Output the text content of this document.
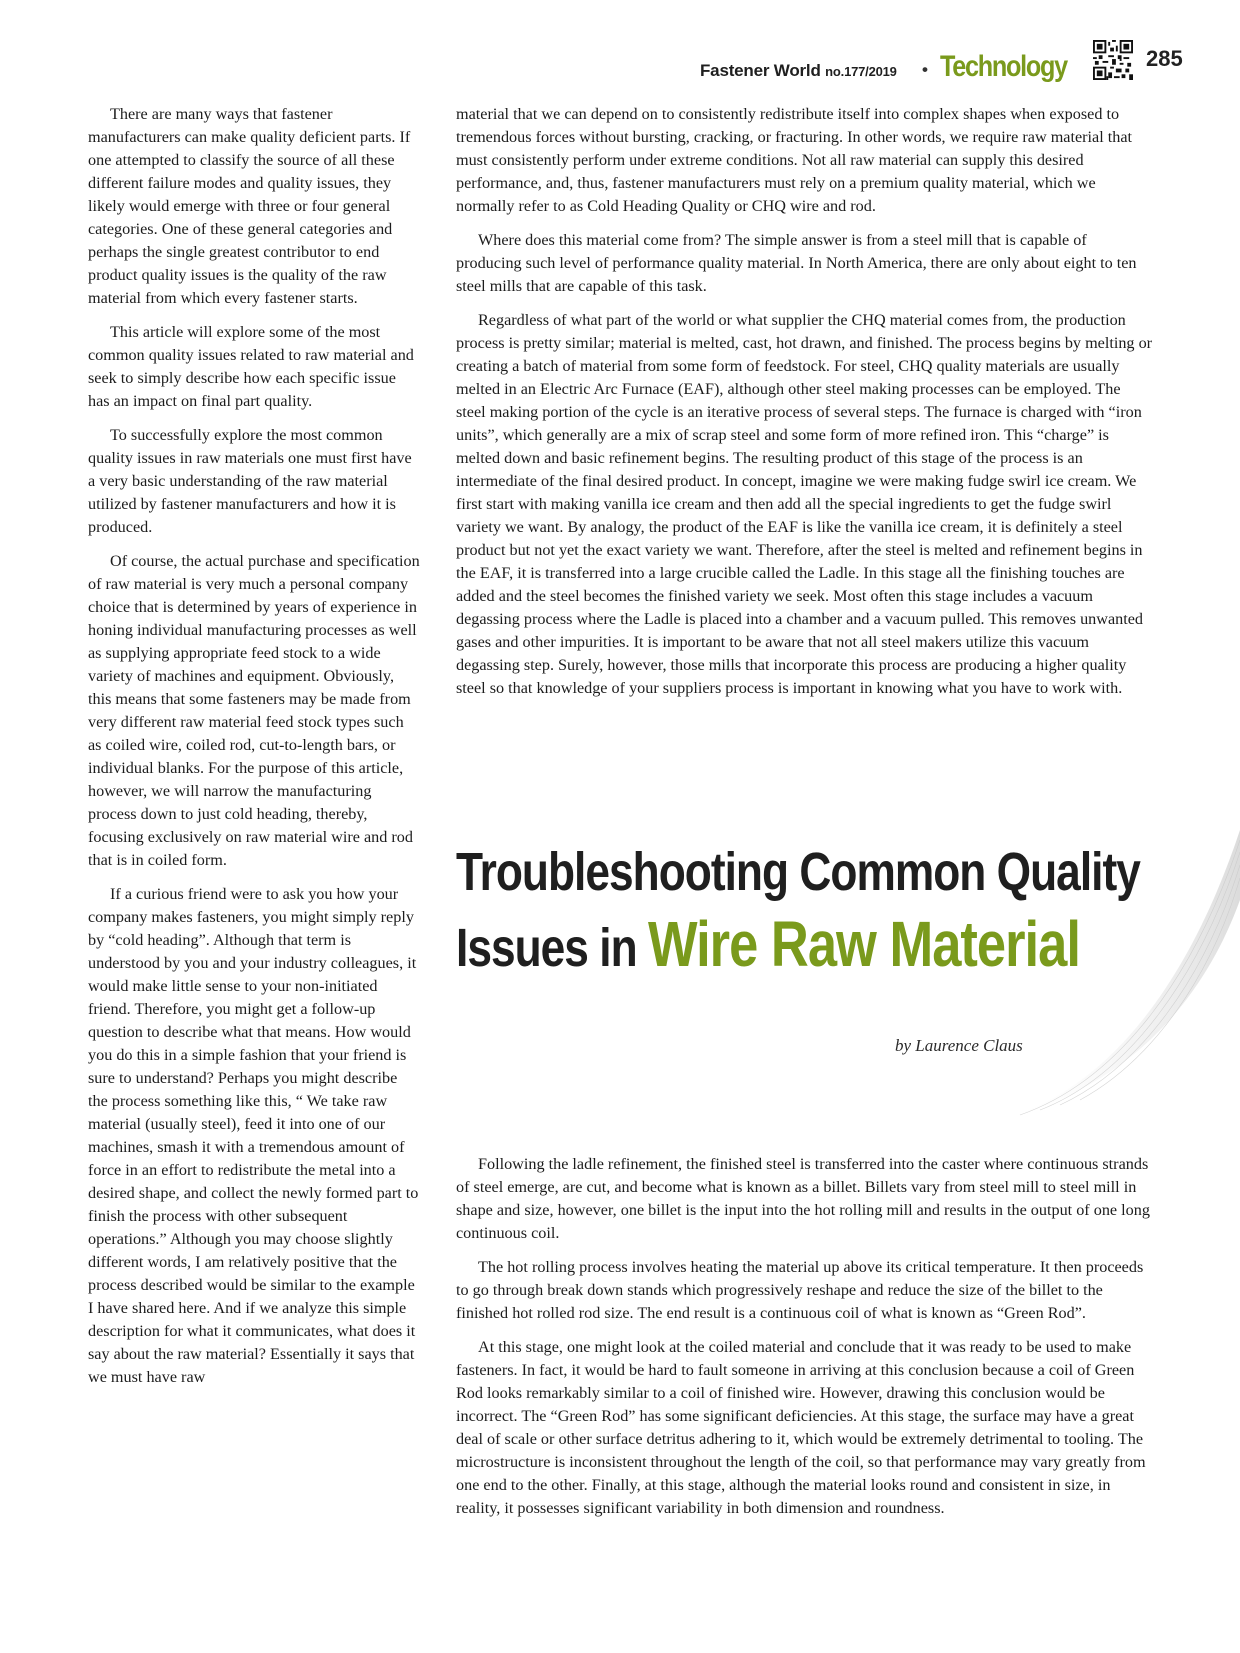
Fastener World no.177/2019 • Technology	285

There are many ways that fastener manufacturers can make quality deficient parts. If one attempted to classify the source of all these different failure modes and quality issues, they likely would emerge with three or four general categories. One of these general categories and perhaps the single greatest contributor to end product quality issues is the quality of the raw material from which every fastener starts.

This article will explore some of the most common quality issues related to raw material and seek to simply describe how each specific issue has an impact on final part quality.

To successfully explore the most common quality issues in raw materials one must first have a very basic understanding of the raw material utilized by fastener manufacturers and how it is produced.

Of course, the actual purchase and specification of raw material is very much a personal company choice that is determined by years of experience in honing individual manufacturing processes as well as supplying appropriate feed stock to a wide variety of machines and equipment. Obviously, this means that some fasteners may be made from very different raw material feed stock types such as coiled wire, coiled rod, cut-to-length bars, or individual blanks. For the purpose of this article, however, we will narrow the manufacturing process down to just cold heading, thereby, focusing exclusively on raw material wire and rod that is in coiled form.

If a curious friend were to ask you how your company makes fasteners, you might simply reply by “cold heading”. Although that term is understood by you and your industry colleagues, it would make little sense to your non-initiated friend. Therefore, you might get a follow-up question to describe what that means. How would you do this in a simple fashion that your friend is sure to understand? Perhaps you might describe the process something like this, “ We take raw material (usually steel), feed it into one of our machines, smash it with a tremendous amount of force in an effort to redistribute the metal into a desired shape, and collect the newly formed part to finish the process with other subsequent operations.” Although you may choose slightly different words, I am relatively positive that the process described would be similar to the example I have shared here. And if we analyze this simple description for what it communicates, what does it say about the raw material? Essentially it says that we must have raw

material that we can depend on to consistently redistribute itself into complex shapes when exposed to tremendous forces without bursting, cracking, or fracturing. In other words, we require raw material that must consistently perform under extreme conditions. Not all raw material can supply this desired performance, and, thus, fastener manufacturers must rely on a premium quality material, which we normally refer to as Cold Heading Quality or CHQ wire and rod.

Where does this material come from? The simple answer is from a steel mill that is capable of producing such level of performance quality material. In North America, there are only about eight to ten steel mills that are capable of this task.

Regardless of what part of the world or what supplier the CHQ material comes from, the production process is pretty similar; material is melted, cast, hot drawn, and finished. The process begins by melting or creating a batch of material from some form of feedstock. For steel, CHQ quality materials are usually melted in an Electric Arc Furnace (EAF), although other steel making processes can be employed. The steel making portion of the cycle is an iterative process of several steps. The furnace is charged with “iron units”, which generally are a mix of scrap steel and some form of more refined iron. This “charge” is melted down and basic refinement begins. The resulting product of this stage of the process is an intermediate of the final desired product. In concept, imagine we were making fudge swirl ice cream. We first start with making vanilla ice cream and then add all the special ingredients to get the fudge swirl variety we want. By analogy, the product of the EAF is like the vanilla ice cream, it is definitely a steel product but not yet the exact variety we want. Therefore, after the steel is melted and refinement begins in the EAF, it is transferred into a large crucible called the Ladle. In this stage all the finishing touches are added and the steel becomes the finished variety we seek. Most often this stage includes a vacuum degassing process where the Ladle is placed into a chamber and a vacuum pulled. This removes unwanted gases and other impurities. It is important to be aware that not all steel makers utilize this vacuum degassing step. Surely, however, those mills that incorporate this process are producing a higher quality steel so that knowledge of your suppliers process is important in knowing what you have to work with.

Troubleshooting Common Quality
Issues in Wire Raw Material
by Laurence Claus

Following the ladle refinement, the finished steel is transferred into the caster where continuous strands of steel emerge, are cut, and become what is known as a billet. Billets vary from steel mill to steel mill in shape and size, however, one billet is the input into the hot rolling mill and results in the output of one long continuous coil.

The hot rolling process involves heating the material up above its critical temperature. It then proceeds to go through break down stands which progressively reshape and reduce the size of the billet to the finished hot rolled rod size. The end result is a continuous coil of what is known as “Green Rod”.

At this stage, one might look at the coiled material and conclude that it was ready to be used to make fasteners. In fact, it would be hard to fault someone in arriving at this conclusion because a coil of Green Rod looks remarkably similar to a coil of finished wire. However, drawing this conclusion would be incorrect. The “Green Rod” has some significant deficiencies. At this stage, the surface may have a great deal of scale or other surface detritus adhering to it, which would be extremely detrimental to tooling. The microstructure is inconsistent throughout the length of the coil, so that performance may vary greatly from one end to the other. Finally, at this stage, although the material looks round and consistent in size, in reality, it possesses significant variability in both dimension and roundness.
